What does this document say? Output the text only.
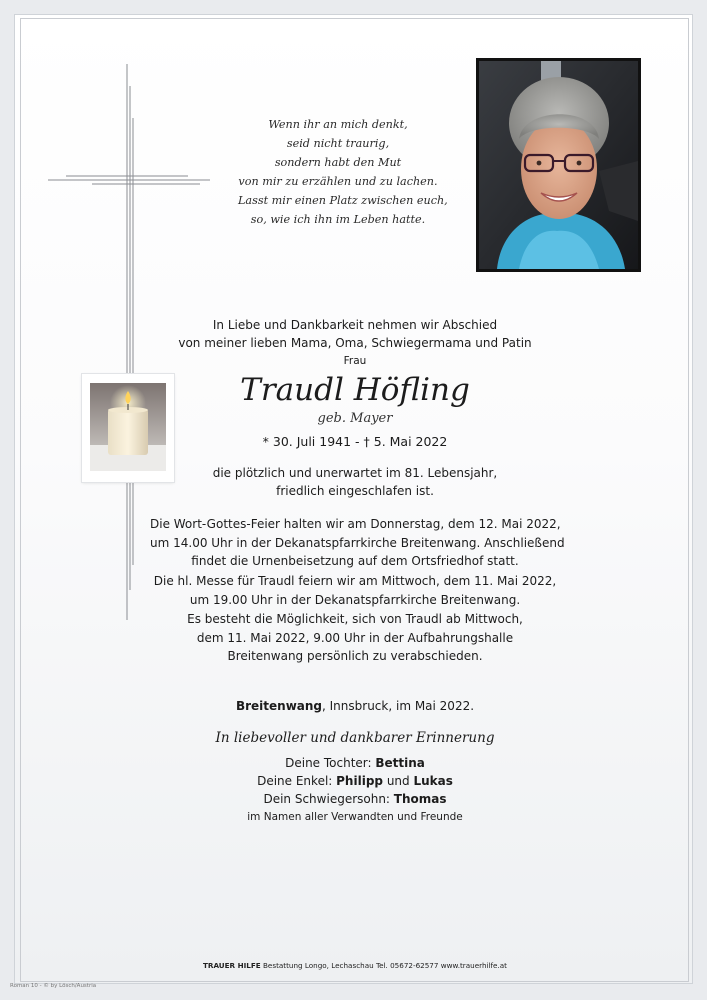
Wenn ihr an mich denkt,
seid nicht traurig,
sondern habt den Mut
von mir zu erzählen und zu lachen.
Lasst mir einen Platz zwischen euch,
so, wie ich ihn im Leben hatte.
In Liebe und Dankbarkeit nehmen wir Abschied
von meiner lieben Mama, Oma, Schwiegermama und Patin
Frau
Traudl Höfling
geb. Mayer
* 30. Juli 1941 - † 5. Mai 2022
die plötzlich und unerwartet im 81. Lebensjahr,
friedlich eingeschlafen ist.
Die Wort-Gottes-Feier halten wir am Donnerstag, dem 12. Mai 2022,
um 14.00 Uhr in der Dekanatspfarrkirche Breitenwang. Anschließend
findet die Urnenbeisetzung auf dem Ortsfriedhof statt.
Die hl. Messe für Traudl feiern wir am Mittwoch, dem 11. Mai 2022,
um 19.00 Uhr in der Dekanatspfarrkirche Breitenwang.
Es besteht die Möglichkeit, sich von Traudl ab Mittwoch,
dem 11. Mai 2022, 9.00 Uhr in der Aufbahrungshalle
Breitenwang persönlich zu verabschieden.
Breitenwang, Innsbruck, im Mai 2022.
In liebevoller und dankbarer Erinnerung
Deine Tochter: Bettina
Deine Enkel: Philipp und Lukas
Dein Schwiegersohn: Thomas
im Namen aller Verwandten und Freunde
TRAUER HILFE Bestattung Longo, Lechaschau Tel. 05672-62577 www.trauerhilfe.at
Roman 10 - © by Lösch/Austria
